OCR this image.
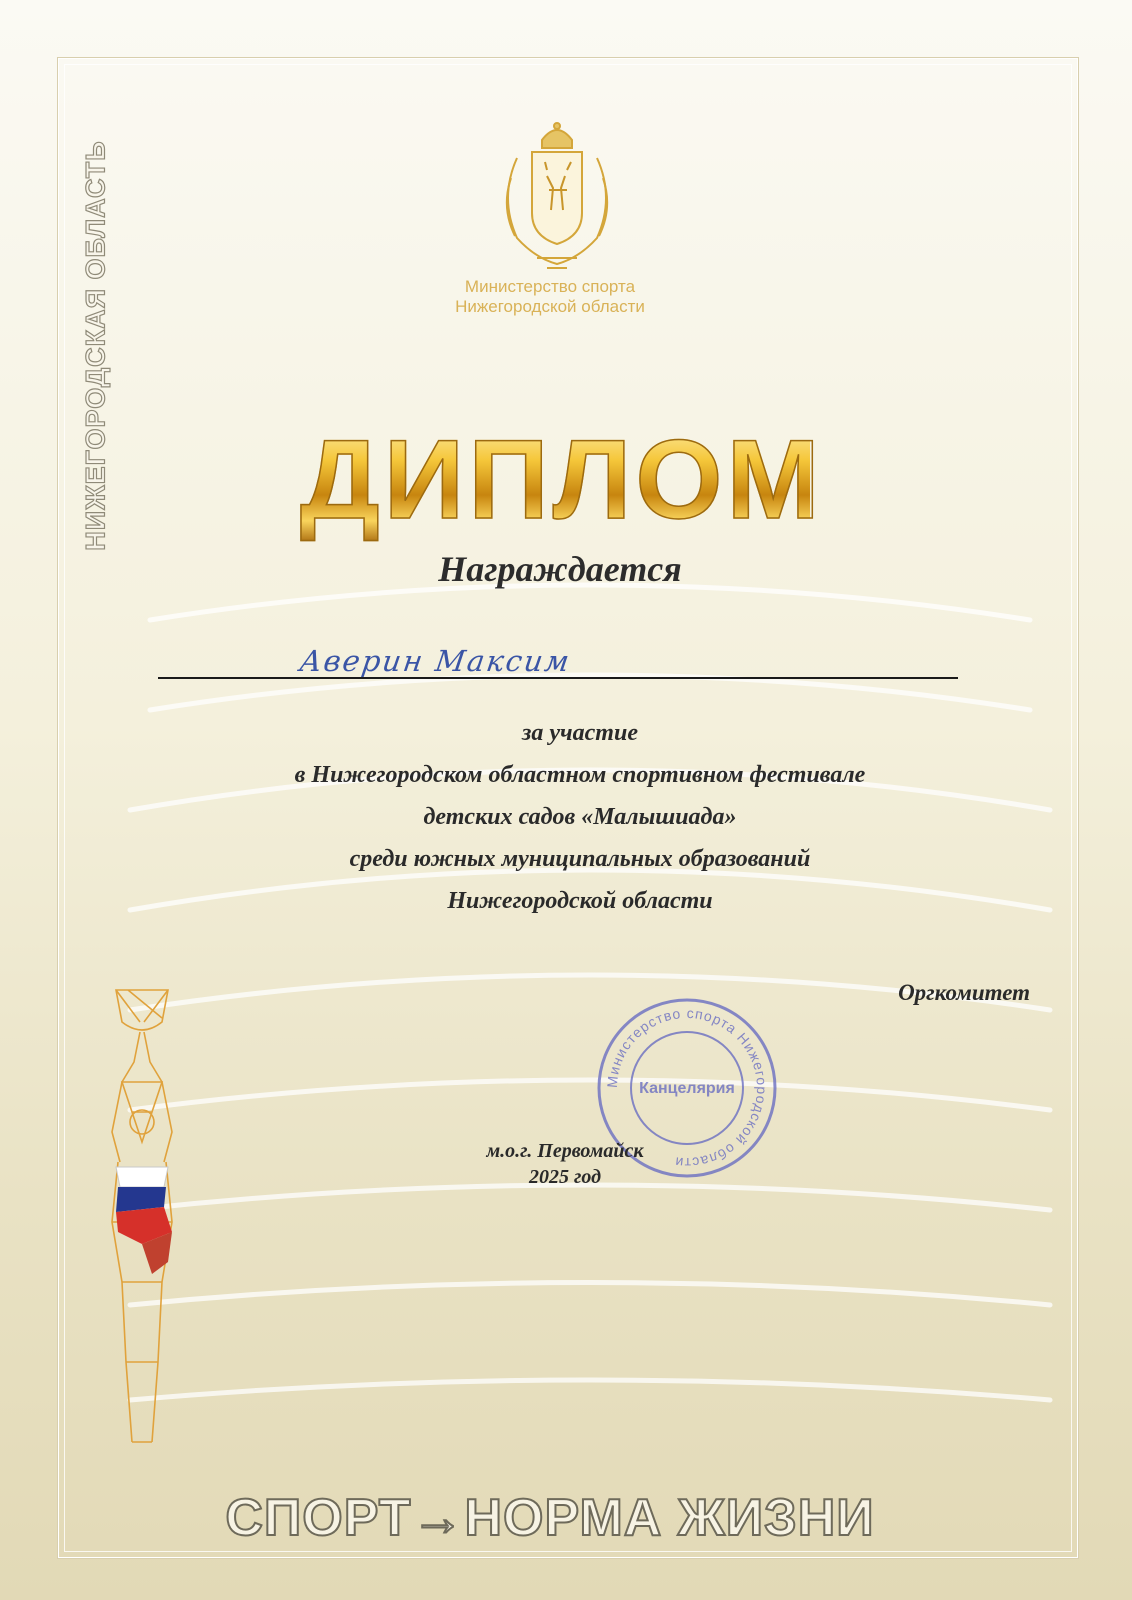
НИЖЕГОРОДСКАЯ ОБЛАСТЬ	Министерство спорта
Нижегородской области
ДИПЛОМ
Награждается
Аверин Максим
за участие
в Нижегородском областном спортивном фестивале
детских садов «Малышиада»
среди южных муниципальных образований
Нижегородской области
Оргкомитет
Министерство спорта Нижегородской области
Канцелярия
м.о.г. Первомайск
2025 год
СПОРТ→НОРМА ЖИЗНИ
